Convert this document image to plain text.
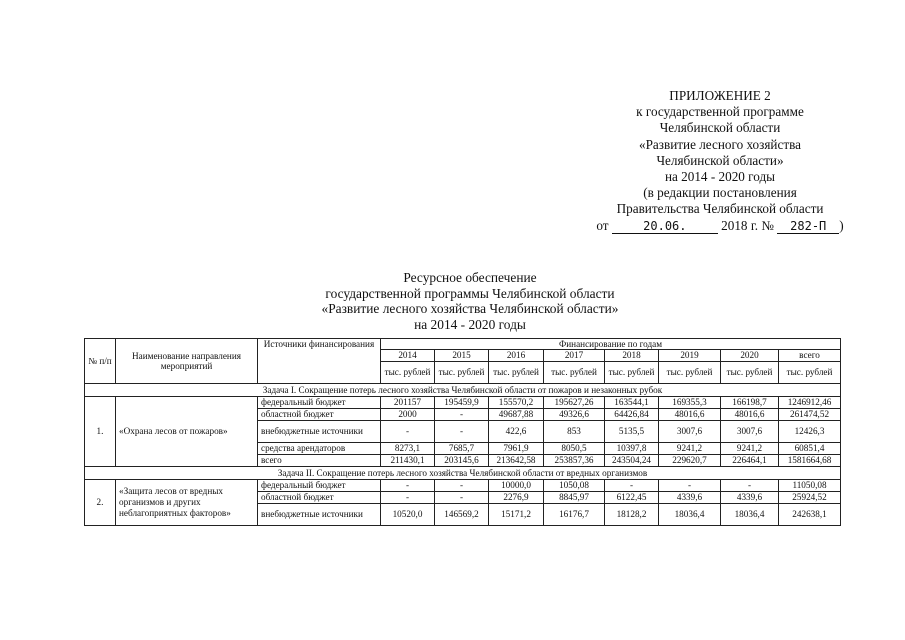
ПРИЛОЖЕНИЕ 2
к государственной программе
Челябинской области
«Развитие лесного хозяйства
Челябинской области»
на 2014 - 2020 годы
(в редакции постановления
Правительства Челябинской области
от	20.06.	2018 г. № 282-П )
Ресурсное обеспечение
государственной программы Челябинской области
«Развитие лесного хозяйства Челябинской области»
на 2014 - 2020 годы
№ п/п	Наименование направления мероприятий	Источники финансирования	Финансирование по годам							
			2014	2015	2016	2017	2018	2019	2020	всего
			тыс. рублей	тыс. рублей	тыс. рублей	тыс. рублей	тыс. рублей	тыс. рублей	тыс. рублей	тыс. рублей
Задача I. Сокращение потерь лесного хозяйства Челябинской области от пожаров и незаконных рубок										
1.	«Охрана лесов от пожаров»	федеральный бюджет	201157	195459,9	155570,2	195627,26	163544,1	169355,3	166198,7	1246912,46
		областной бюджет	2000	-	49687,88	49326,6	64426,84	48016,6	48016,6	261474,52
		внебюджетные источники	-	-	422,6	853	5135,5	3007,6	3007,6	12426,3
		средства арендаторов	8273,1	7685,7	7961,9	8050,5	10397,8	9241,2	9241,2	60851,4
		всего	211430,1	203145,6	213642,58	253857,36	243504,24	229620,7	226464,1	1581664,68
Задача II. Сокращение потерь лесного хозяйства Челябинской области от вредных организмов										
2.	«Защита лесов от вредных организмов и других неблагоприятных факторов»	федеральный бюджет	-	-	10000,0	1050,08	-	-	-	11050,08
		областной бюджет	-	-	2276,9	8845,97	6122,45	4339,6	4339,6	25924,52
		внебюджетные источники	10520,0	146569,2	15171,2	16176,7	18128,2	18036,4	18036,4	242638,1
